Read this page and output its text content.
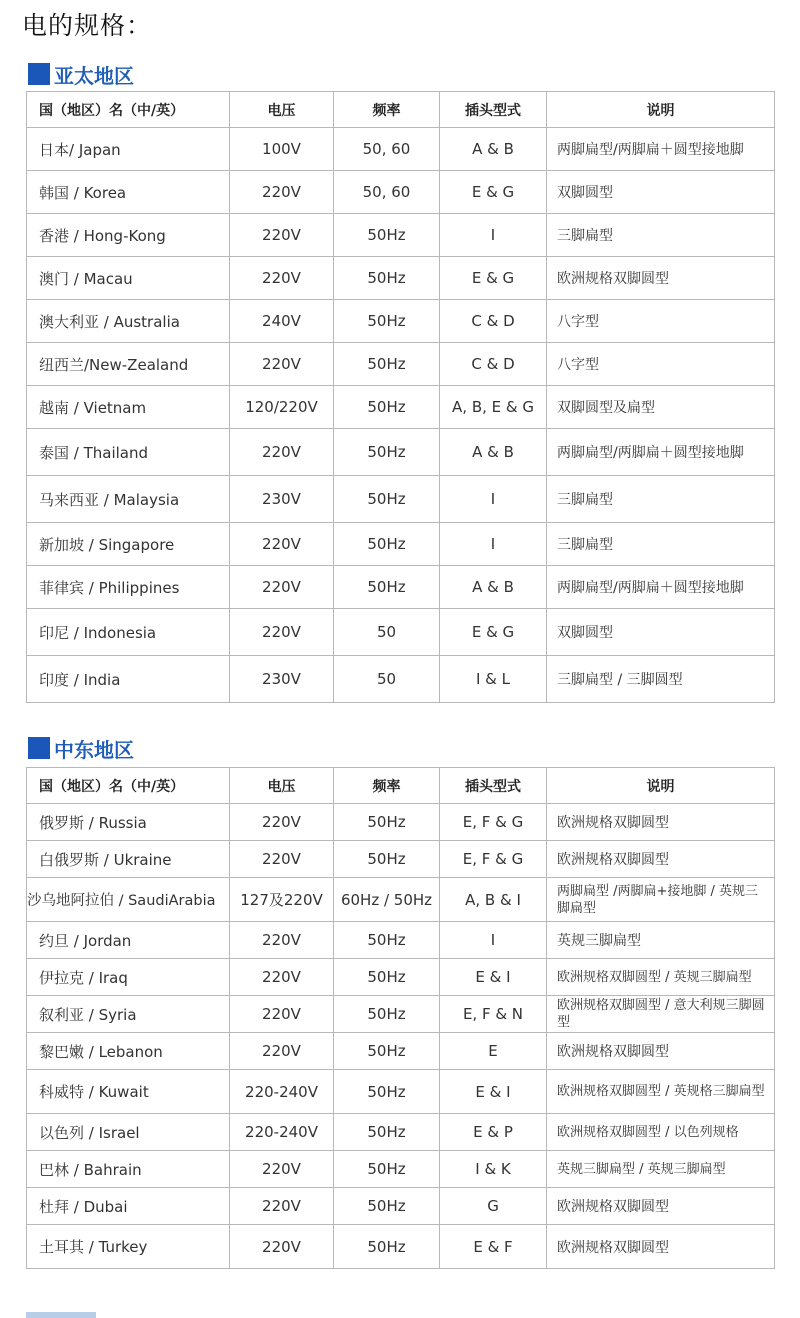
电的规格：
亚太地区
国（地区）名（中/英）	电压	频率	插头型式	说明
日本/ Japan	100V	50, 60	A & B	两脚扁型/两脚扁＋圆型接地脚
韩国 / Korea	220V	50, 60	E & G	双脚圆型
香港 / Hong-Kong	220V	50Hz	I	三脚扁型
澳门 / Macau	220V	50Hz	E & G	欧洲规格双脚圆型
澳大利亚 / Australia	240V	50Hz	C & D	八字型
纽西兰/New-Zealand	220V	50Hz	C & D	八字型
越南 / Vietnam	120/220V	50Hz	A, B, E & G	双脚圆型及扁型
泰国 / Thailand	220V	50Hz	A & B	两脚扁型/两脚扁＋圆型接地脚
马来西亚 / Malaysia	230V	50Hz	I	三脚扁型
新加坡 / Singapore	220V	50Hz	I	三脚扁型
菲律宾 / Philippines	220V	50Hz	A & B	两脚扁型/两脚扁＋圆型接地脚
印尼 / Indonesia	220V	50	E & G	双脚圆型
印度 / India	230V	50	I & L	三脚扁型 / 三脚圆型
中东地区
国（地区）名（中/英）	电压	频率	插头型式	说明
俄罗斯 / Russia	220V	50Hz	E, F & G	欧洲规格双脚圆型
白俄罗斯 / Ukraine	220V	50Hz	E, F & G	欧洲规格双脚圆型
沙乌地阿拉伯 / SaudiArabia	127及220V	60Hz / 50Hz	A, B & I	两脚扁型 /两脚扁+接地脚 / 英规三脚扁型
约旦 / Jordan	220V	50Hz	I	英规三脚扁型
伊拉克 / Iraq	220V	50Hz	E & I	欧洲规格双脚圆型 / 英规三脚扁型
叙利亚 / Syria	220V	50Hz	E, F & N	欧洲规格双脚圆型 / 意大利规三脚圆型
黎巴嫩 / Lebanon	220V	50Hz	E	欧洲规格双脚圆型
科威特 / Kuwait	220-240V	50Hz	E & I	欧洲规格双脚圆型 / 英规格三脚扁型
以色列 / Israel	220-240V	50Hz	E & P	欧洲规格双脚圆型 / 以色列规格
巴林 / Bahrain	220V	50Hz	I & K	英规三脚扁型 / 英规三脚扁型
杜拜 / Dubai	220V	50Hz	G	欧洲规格双脚圆型
土耳其 / Turkey	220V	50Hz	E & F	欧洲规格双脚圆型
